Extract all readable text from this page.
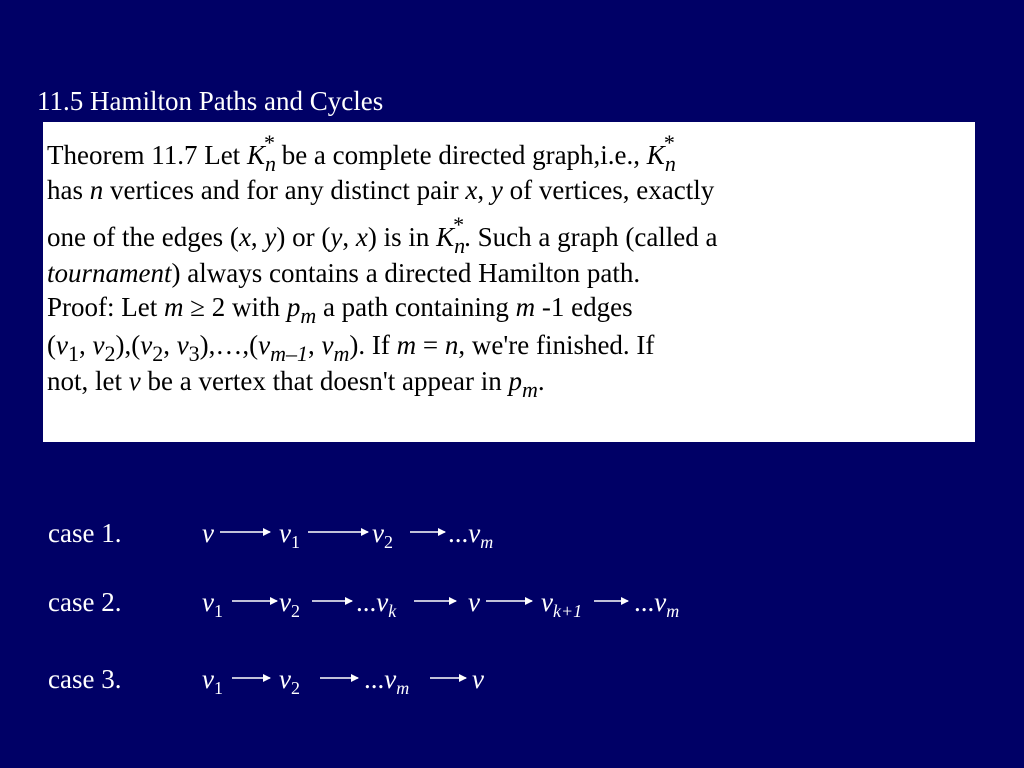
11.5 Hamilton Paths and Cycles
Theorem 11.7 Let $K_n^*$ be a complete directed graph,i.e., $K_n^*$
has n vertices and for any distinct pair x, y of vertices, exactly
one of the edges (x, y) or (y, x) is in $K_n^*$. Such a graph (called a
tournament) always contains a directed Hamilton path.
Proof: Let m ≥ 2 with $p_m$ a path containing m -1 edges
($v_1$, $v_2),(v_2$, $v_3),\dots,(v_{m-1}$, $v_m$). If m = n, we're finished. If
not, let v be a vertex that doesn't appear in $p_m$.
case 1.	v $v_1$	$v_2$ $...v_m$
case 2.	$v_1$ $v_2$ $...v_k$	v $v_{k+1}$ $...v_m$
case 3.	$v_1$ $v_2$ $...v_m$ v
